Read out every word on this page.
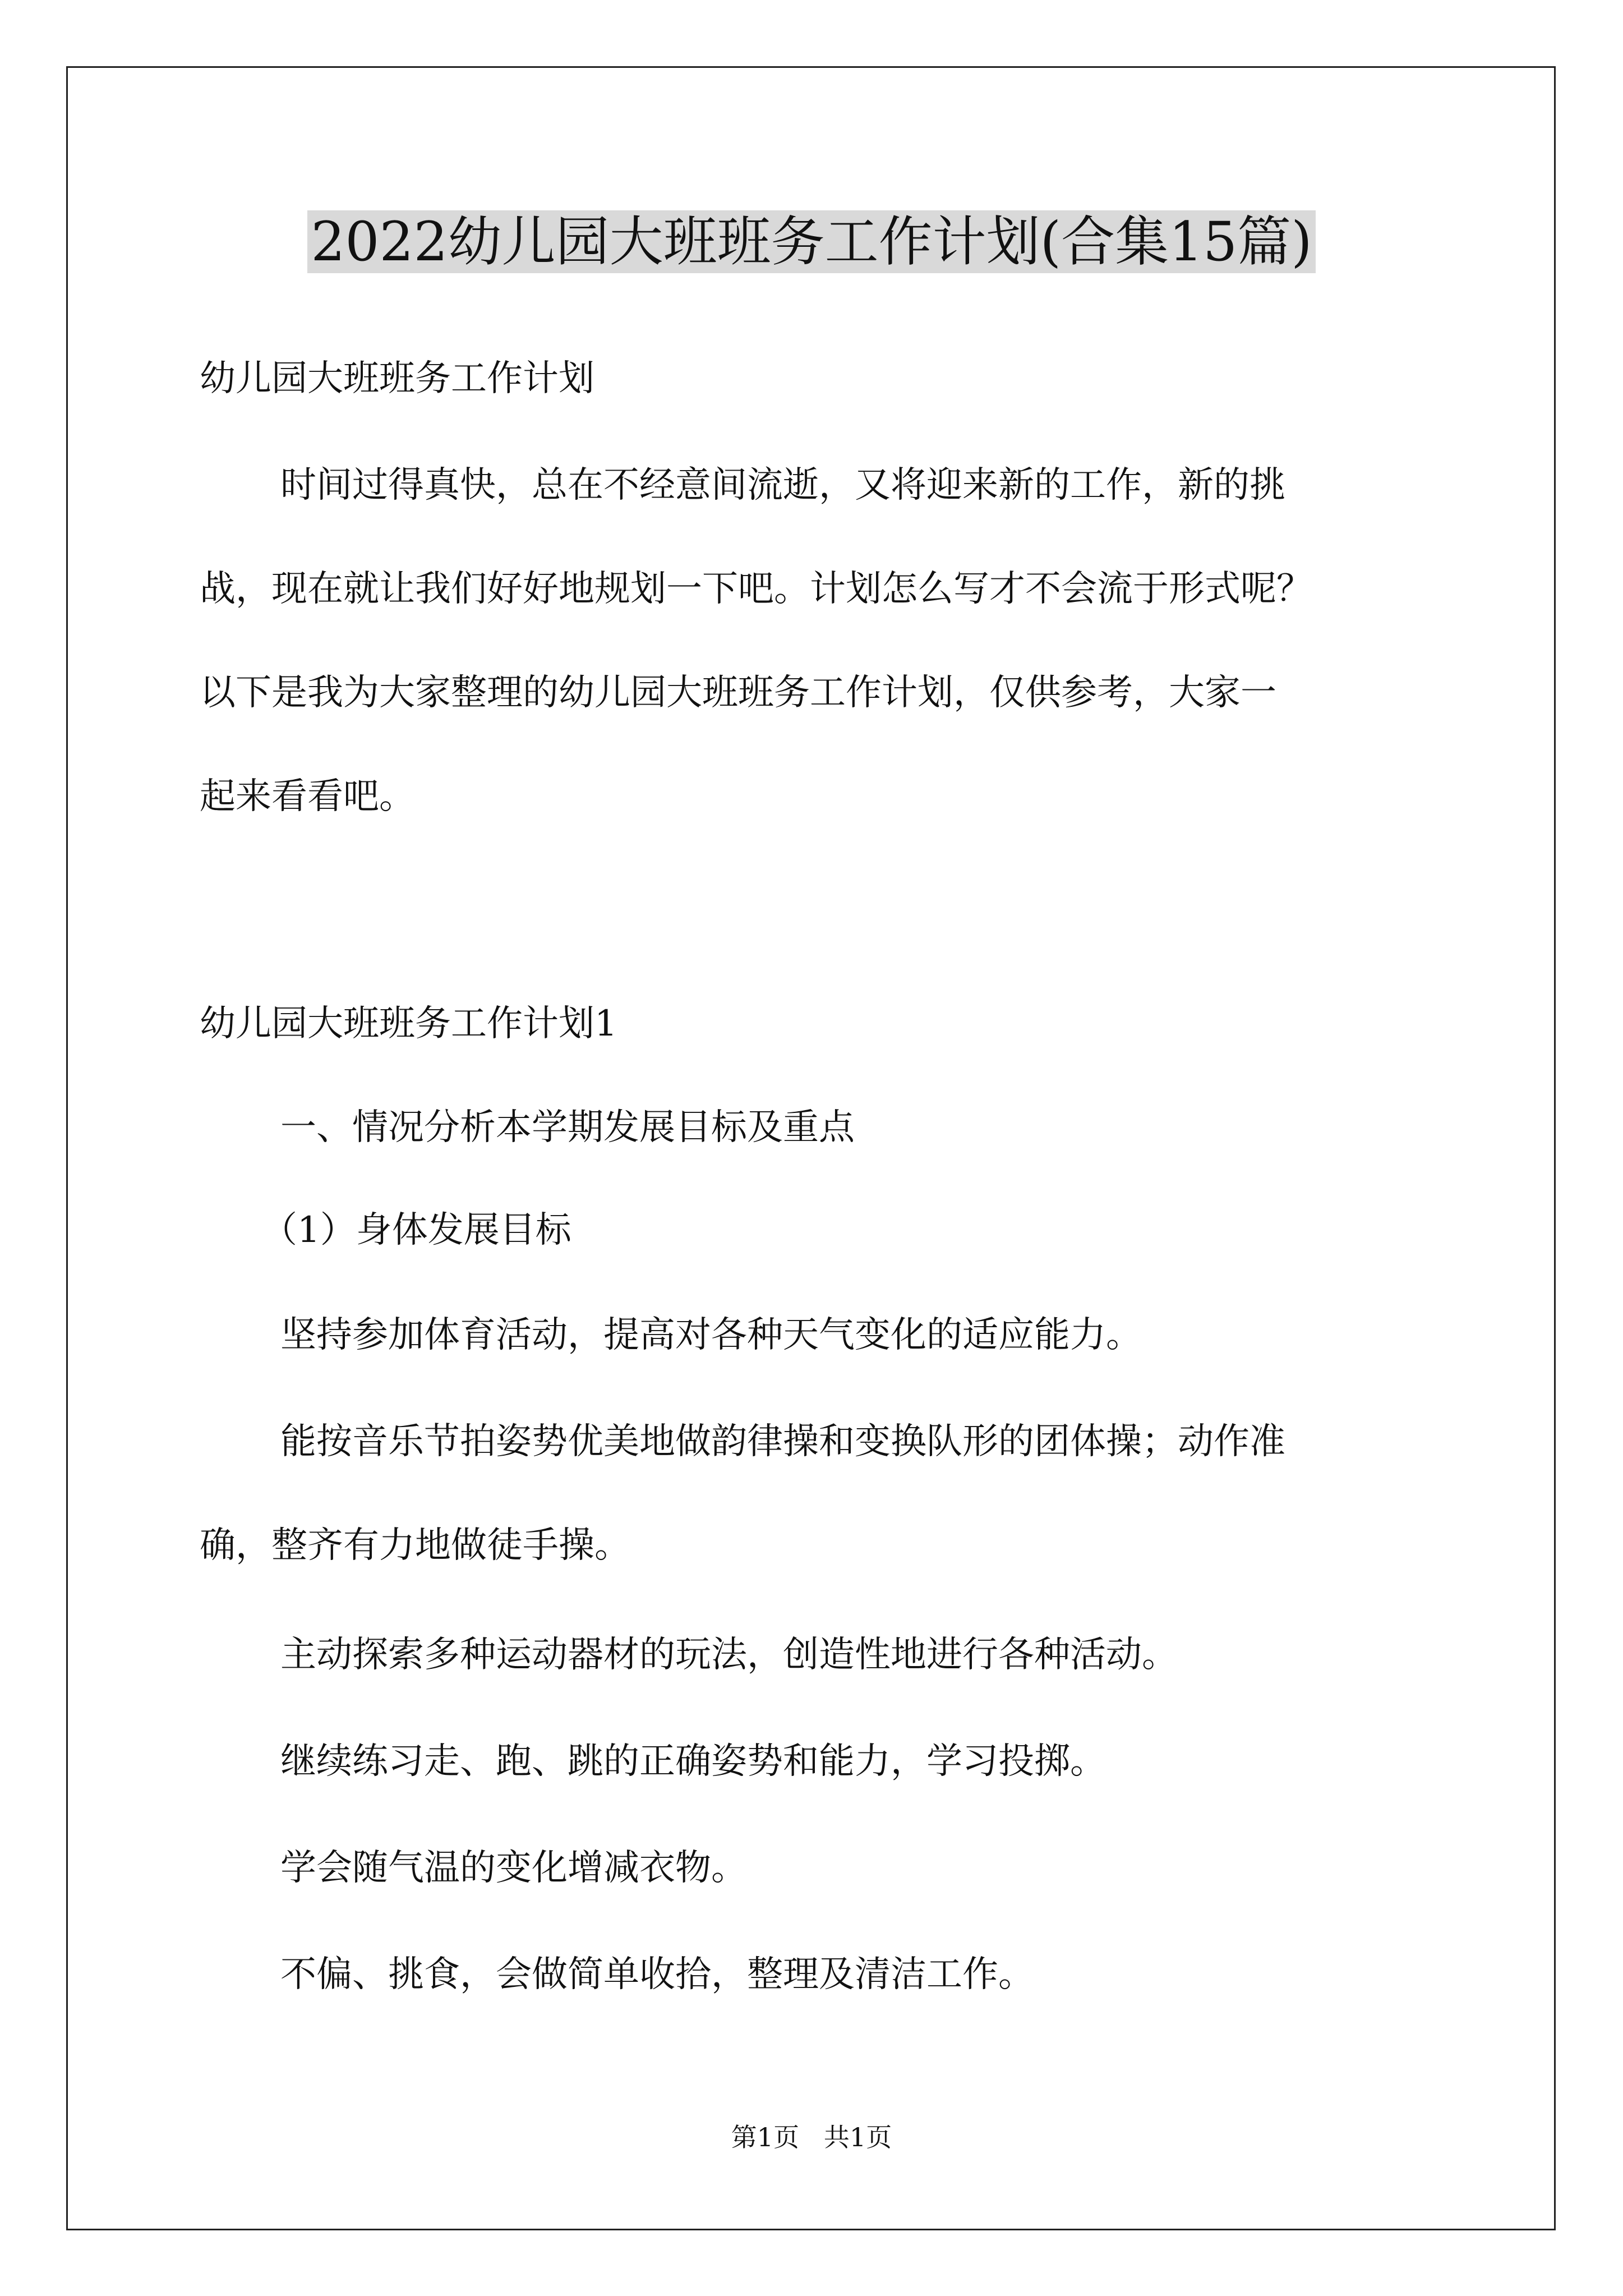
2022幼儿园大班班务工作计划(合集15篇)
幼儿园大班班务工作计划
时间过得真快，总在不经意间流逝，又将迎来新的工作，新的挑
战，现在就让我们好好地规划一下吧。计划怎么写才不会流于形式呢？
以下是我为大家整理的幼儿园大班班务工作计划，仅供参考，大家一
起来看看吧。
幼儿园大班班务工作计划1
一、情况分析本学期发展目标及重点
（1）身体发展目标
坚持参加体育活动，提高对各种天气变化的适应能力。
能按音乐节拍姿势优美地做韵律操和变换队形的团体操；动作准
确，整齐有力地做徒手操。
主动探索多种运动器材的玩法，创造性地进行各种活动。
继续练习走、跑、跳的正确姿势和能力，学习投掷。
学会随气温的变化增减衣物。
不偏、挑食，会做简单收拾，整理及清洁工作。
第1页   共1页
